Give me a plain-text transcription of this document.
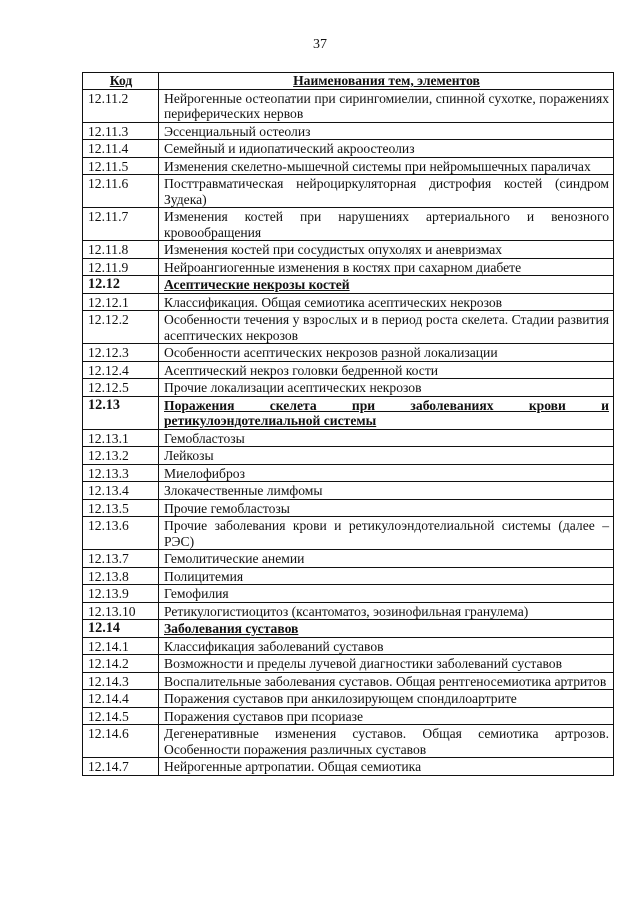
37
Код	Наименования тем, элементов
12.11.2	Нейрогенные остеопатии при сирингомиелии, спинной сухотке, поражениях периферических нервов
12.11.3	Эссенциальный остеолиз
12.11.4	Семейный и идиопатический акроостеолиз
12.11.5	Изменения скелетно-мышечной системы при нейромышечных параличах
12.11.6	Посттравматическая нейроциркуляторная дистрофия костей (синдром Зудека)
12.11.7	Изменения костей при нарушениях артериального и венозного кровообращения
12.11.8	Изменения костей при сосудистых опухолях и аневризмах
12.11.9	Нейроангиогенные изменения в костях при сахарном диабете
12.12	Асептические некрозы костей
12.12.1	Классификация. Общая семиотика асептических некрозов
12.12.2	Особенности течения у взрослых и в период роста скелета. Стадии развития асептических некрозов
12.12.3	Особенности асептических некрозов разной локализации
12.12.4	Асептический некроз головки бедренной кости
12.12.5	Прочие локализации асептических некрозов
12.13	Поражения скелета при заболеваниях крови и ретикулоэндотелиальной системы
12.13.1	Гемобластозы
12.13.2	Лейкозы
12.13.3	Миелофиброз
12.13.4	Злокачественные лимфомы
12.13.5	Прочие гемобластозы
12.13.6	Прочие заболевания крови и ретикулоэндотелиальной системы (далее – РЭС)
12.13.7	Гемолитические анемии
12.13.8	Полицитемия
12.13.9	Гемофилия
12.13.10	Ретикулогистиоцитоз (ксантоматоз, эозинофильная гранулема)
12.14	Заболевания суставов
12.14.1	Классификация заболеваний суставов
12.14.2	Возможности и пределы лучевой диагностики заболеваний суставов
12.14.3	Воспалительные заболевания суставов. Общая рентгеносемиотика артритов
12.14.4	Поражения суставов при анкилозирующем спондилоартрите
12.14.5	Поражения суставов при псориазе
12.14.6	Дегенеративные изменения суставов. Общая семиотика артрозов. Особенности поражения различных суставов
12.14.7	Нейрогенные артропатии. Общая семиотика
